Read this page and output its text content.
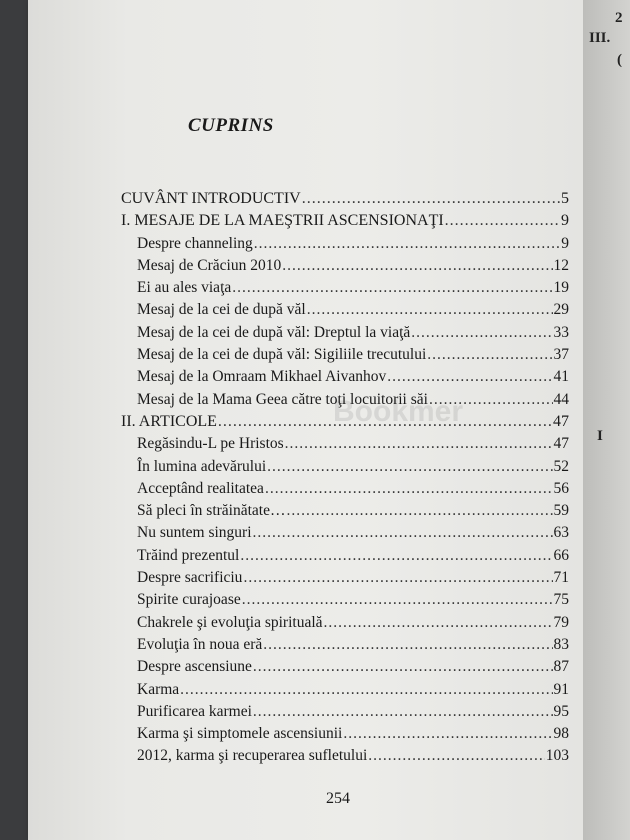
CUPRINS
Bookmer
CUVÂNT INTRODUCTIV .....	5
I. MESAJE DE LA MAEŞTRII ASCENSIONAŢI .....	9
Despre channeling .....	9
Mesaj de Crăciun 2010 .....	12
Ei au ales viaţa .....	19
Mesaj de la cei de după văl .....	29
Mesaj de la cei de după văl: Dreptul la viaţă .....	33
Mesaj de la cei de după văl: Sigiliile trecutului .....	37
Mesaj de la Omraam Mikhael Aivanhov .....	41
Mesaj de la Mama Geea către toţi locuitorii săi .....	44
II. ARTICOLE .....	47
Regăsindu-L pe Hristos .....	47
În lumina adevărului .....	52
Acceptând realitatea .....	56
Să pleci în străinătate… .....	59
Nu suntem singuri .....	63
Trăind prezentul .....	66
Despre sacrificiu .....	71
Spirite curajoase .....	75
Chakrele şi evoluţia spirituală .....	79
Evoluţia în noua eră .....	83
Despre ascensiune .....	87
Karma .....	91
Purificarea karmei .....	95
Karma şi simptomele ascensiunii .....	98
2012, karma şi recuperarea sufletului .....	103
254
2
III.
(
I
